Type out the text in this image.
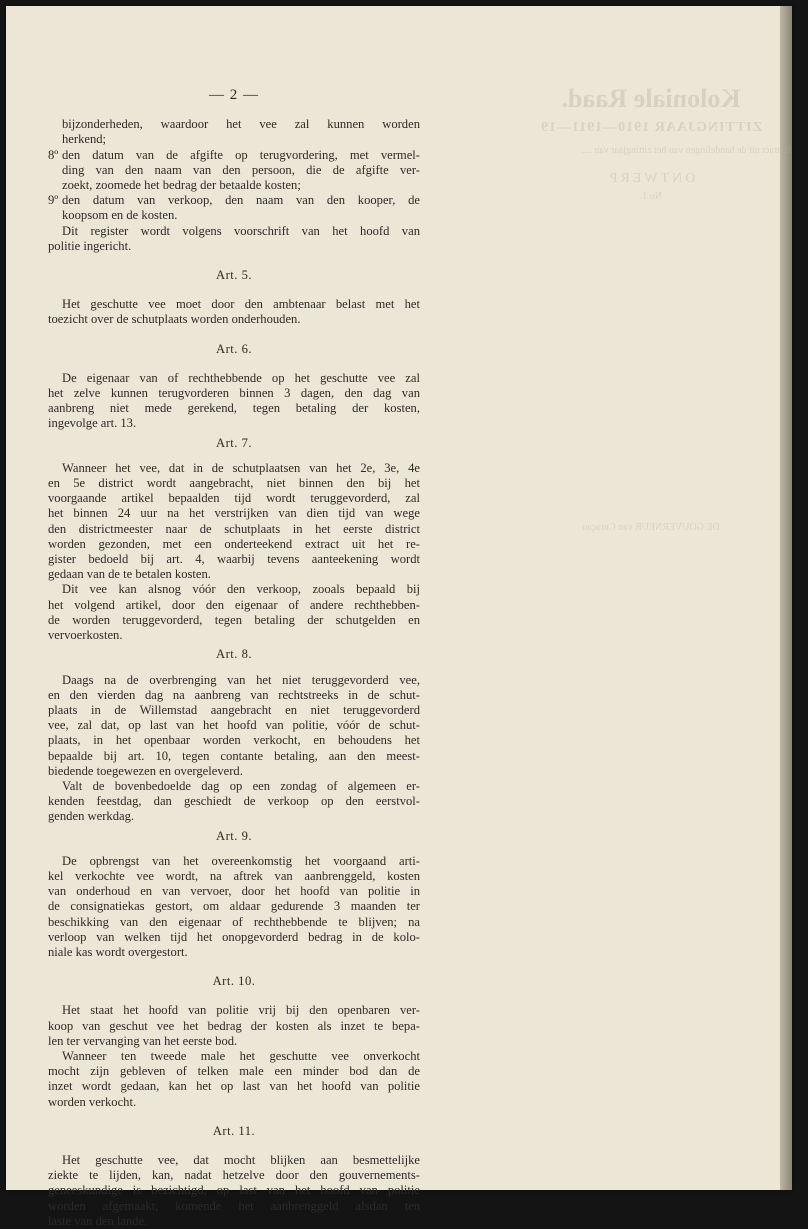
Koloniale Raad.
ZITTINGJAAR 1910—1911—19
Extract uit de handelingen van het zittingjaar van ....
ONTWERP
No 1.
DE GOUVERNEUR van Curaçao
— 2 —
bijzonderheden, waardoor het vee zal kunnen worden
herkend;
8º den datum van de afgifte op terugvordering, met vermel-
ding van den naam van den persoon, die de afgifte ver-
zoekt, zoomede het bedrag der betaalde kosten;
9º den datum van verkoop, den naam van den kooper, de
koopsom en de kosten.
Dit register wordt volgens voorschrift van het hoofd van
politie ingericht.
Art. 5.
Het geschutte vee moet door den ambtenaar belast met het
toezicht over de schutplaats worden onderhouden.
Art. 6.
De eigenaar van of rechthebbende op het geschutte vee zal
het zelve kunnen terugvorderen binnen 3 dagen, den dag van
aanbreng niet mede gerekend, tegen betaling der kosten,
ingevolge art. 13.
Art. 7.
Wanneer het vee, dat in de schutplaatsen van het 2e, 3e, 4e
en 5e district wordt aangebracht, niet binnen den bij het
voorgaande artikel bepaalden tijd wordt teruggevorderd, zal
het binnen 24 uur na het verstrijken van dien tijd van wege
den districtmeester naar de schutplaats in het eerste district
worden gezonden, met een onderteekend extract uit het re-
gister bedoeld bij art. 4, waarbij tevens aanteekening wordt
gedaan van de te betalen kosten.
Dit vee kan alsnog vóór den verkoop, zooals bepaald bij
het volgend artikel, door den eigenaar of andere rechthebben-
de worden teruggevorderd, tegen betaling der schutgelden en
vervoerkosten.
Art. 8.
Daags na de overbrenging van het niet teruggevorderd vee,
en den vierden dag na aanbreng van rechtstreeks in de schut-
plaats in de Willemstad aangebracht en niet teruggevorderd
vee, zal dat, op last van het hoofd van politie, vóór de schut-
plaats, in het openbaar worden verkocht, en behoudens het
bepaalde bij art. 10, tegen contante betaling, aan den meest-
biedende toegewezen en overgeleverd.
Valt de bovenbedoelde dag op een zondag of algemeen er-
kenden feestdag, dan geschiedt de verkoop op den eerstvol-
genden werkdag.
Art. 9.
De opbrengst van het overeenkomstig het voorgaand arti-
kel verkochte vee wordt, na aftrek van aanbrenggeld, kosten
van onderhoud en van vervoer, door het hoofd van politie in
de consignatiekas gestort, om aldaar gedurende 3 maanden ter
beschikking van den eigenaar of rechthebbende te blijven; na
verloop van welken tijd het onopgevorderd bedrag in de kolo-
niale kas wordt overgestort.
Art. 10.
Het staat het hoofd van politie vrij bij den openbaren ver-
koop van geschut vee het bedrag der kosten als inzet te bepa-
len ter vervanging van het eerste bod.
Wanneer ten tweede male het geschutte vee onverkocht
mocht zijn gebleven of telken male een minder bod dan de
inzet wordt gedaan, kan het op last van het hoofd van politie
worden verkocht.
Art. 11.
Het geschutte vee, dat mocht blijken aan besmettelijke
ziekte te lijden, kan, nadat hetzelve door den gouvernements-
geneeskundige is bezichtigd, op last van het hoofd van politie
worden afgemaakt, komende het aanbrenggeld alsdan ten
laste van den lande.
